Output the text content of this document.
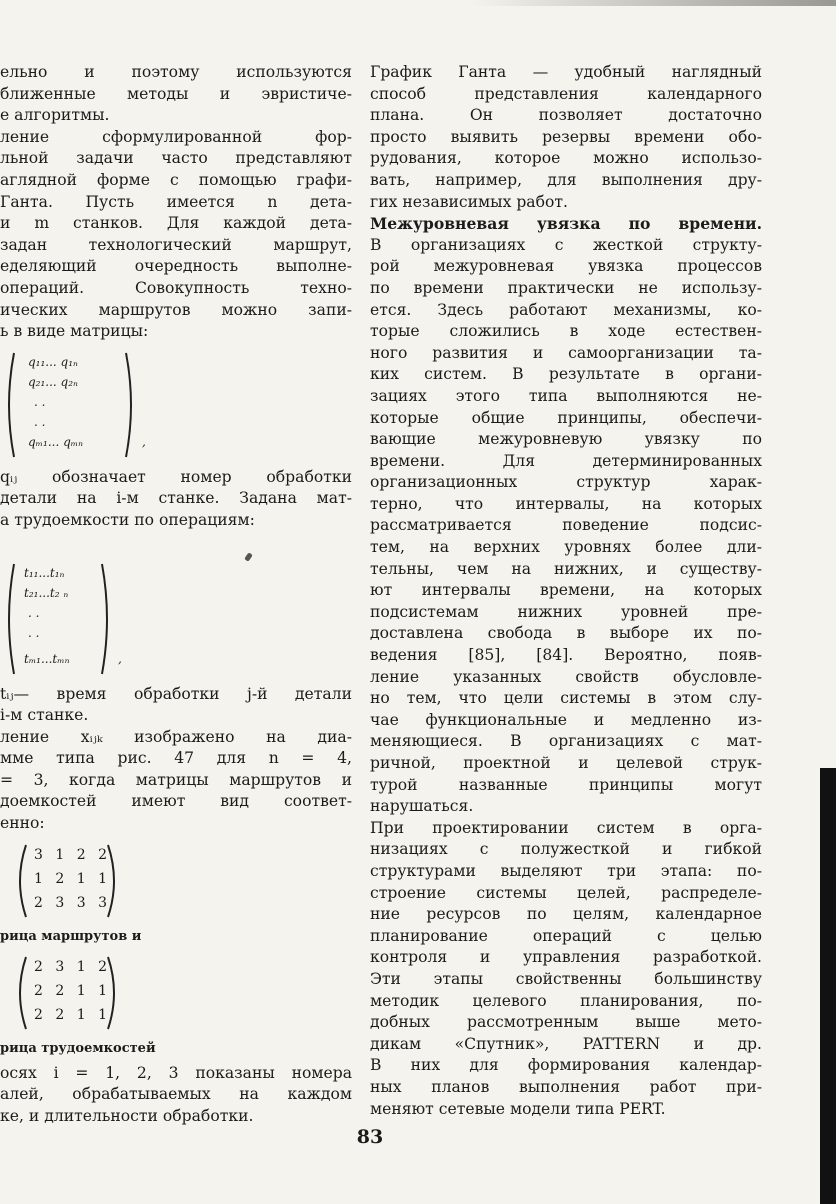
ельно и поэтому используются
ближенные методы и эвристиче-
е алгоритмы.
ление сформулированной фор-
льной задачи часто представляют
аглядной форме с помощью графи-
Ганта. Пусть имеется n дета-
и m станков. Для каждой дета-
задан технологический маршрут,
еделяющий очередность выполне-
операций. Совокупность техно-
ических маршрутов можно запи-
ь в виде матрицы:
q₁₁... q₁ₙ
q₂₁... q₂ₙ
. .
. .
qₘ₁... qₘₙ	,
qᵢⱼ обозначает номер обработки
детали на i-м станке. Задана мат-
а трудоемкости по операциям:
t₁₁...t₁ₙ
t₂₁...t₂ ₙ
. .
. .
tₘ₁...tₘₙ	,
tᵢⱼ— время обработки j-й детали
i-м станке.
ление xᵢⱼₖ изображено на диа-
мме типа рис. 47 для n = 4,
= 3, когда матрицы маршрутов и
доемкостей имеют вид соответ-
енно:
3 1 2 2
1 2 1 1
2 3 3 3
рица маршрутов и
2 3 1 2
2 2 1 1
2 2 1 1
рица трудоемкостей
осях i = 1, 2, 3 показаны номера
алей, обрабатываемых на каждом
ке, и длительности обработки.
График Ганта — удобный наглядный
способ представления календарного
плана. Он позволяет достаточно
просто выявить резервы времени обо-
рудования, которое можно использо-
вать, например, для выполнения дру-
гих независимых работ.
Межуровневая увязка по времени.
В организациях с жесткой структу-
рой межуровневая увязка процессов
по времени практически не использу-
ется. Здесь работают механизмы, ко-
торые сложились в ходе естествен-
ного развития и самоорганизации та-
ких систем. В результате в органи-
зациях этого типа выполняются не-
которые общие принципы, обеспечи-
вающие межуровневую увязку по
времени. Для детерминированных
организационных структур харак-
терно, что интервалы, на которых
рассматривается поведение подсис-
тем, на верхних уровнях более дли-
тельны, чем на нижних, и существу-
ют интервалы времени, на которых
подсистемам нижних уровней пре-
доставлена свобода в выборе их по-
ведения [85], [84]. Вероятно, появ-
ление указанных свойств обусловле-
но тем, что цели системы в этом слу-
чае функциональные и медленно из-
меняющиеся. В организациях с мат-
ричной, проектной и целевой струк-
турой названные принципы могут
нарушаться.
При проектировании систем в орга-
низациях с полужесткой и гибкой
структурами выделяют три этапа: по-
строение системы целей, распределе-
ние ресурсов по целям, календарное
планирование операций с целью
контроля и управления разработкой.
Эти этапы свойственны большинству
методик целевого планирования, по-
добных рассмотренным выше мето-
дикам «Спутник», PATTERN и др.
В них для формирования календар-
ных планов выполнения работ при-
меняют сетевые модели типа PERT.
83
